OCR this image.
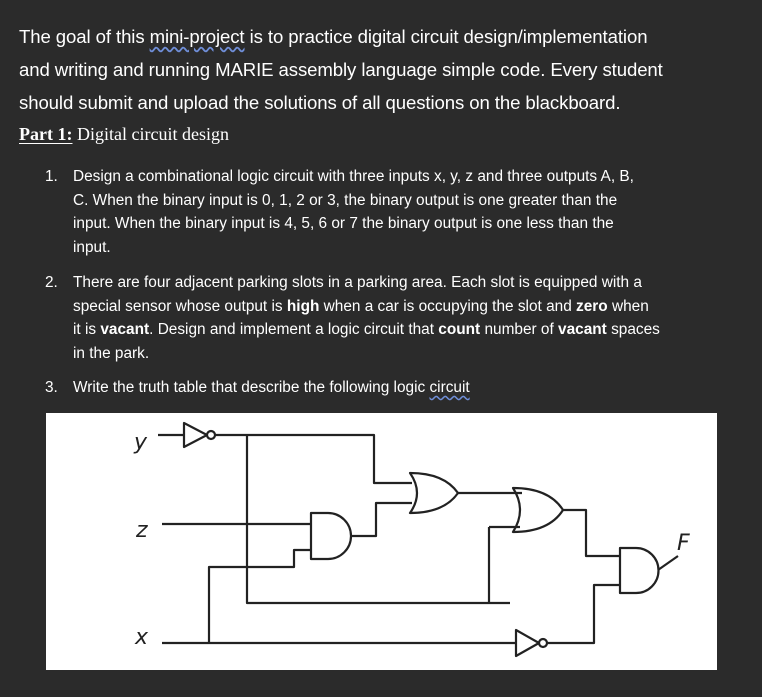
The goal of this mini-project is to practice digital circuit design/implementation
and writing and running MARIE assembly language simple code. Every student
should submit and upload the solutions of all questions on the blackboard.
Part 1: Digital circuit design
1. Design a combinational logic circuit with three inputs x, y, z and three outputs A, B,
C. When the binary input is 0, 1, 2 or 3, the binary output is one greater than the
input. When the binary input is 4, 5, 6 or 7 the binary output is one less than the
input.
2. There are four adjacent parking slots in a parking area. Each slot is equipped with a
special sensor whose output is high when a car is occupying the slot and zero when
it is vacant. Design and implement a logic circuit that count number of vacant spaces
in the park.
3. Write the truth table that describe the following logic circuit
y
z
x
F
